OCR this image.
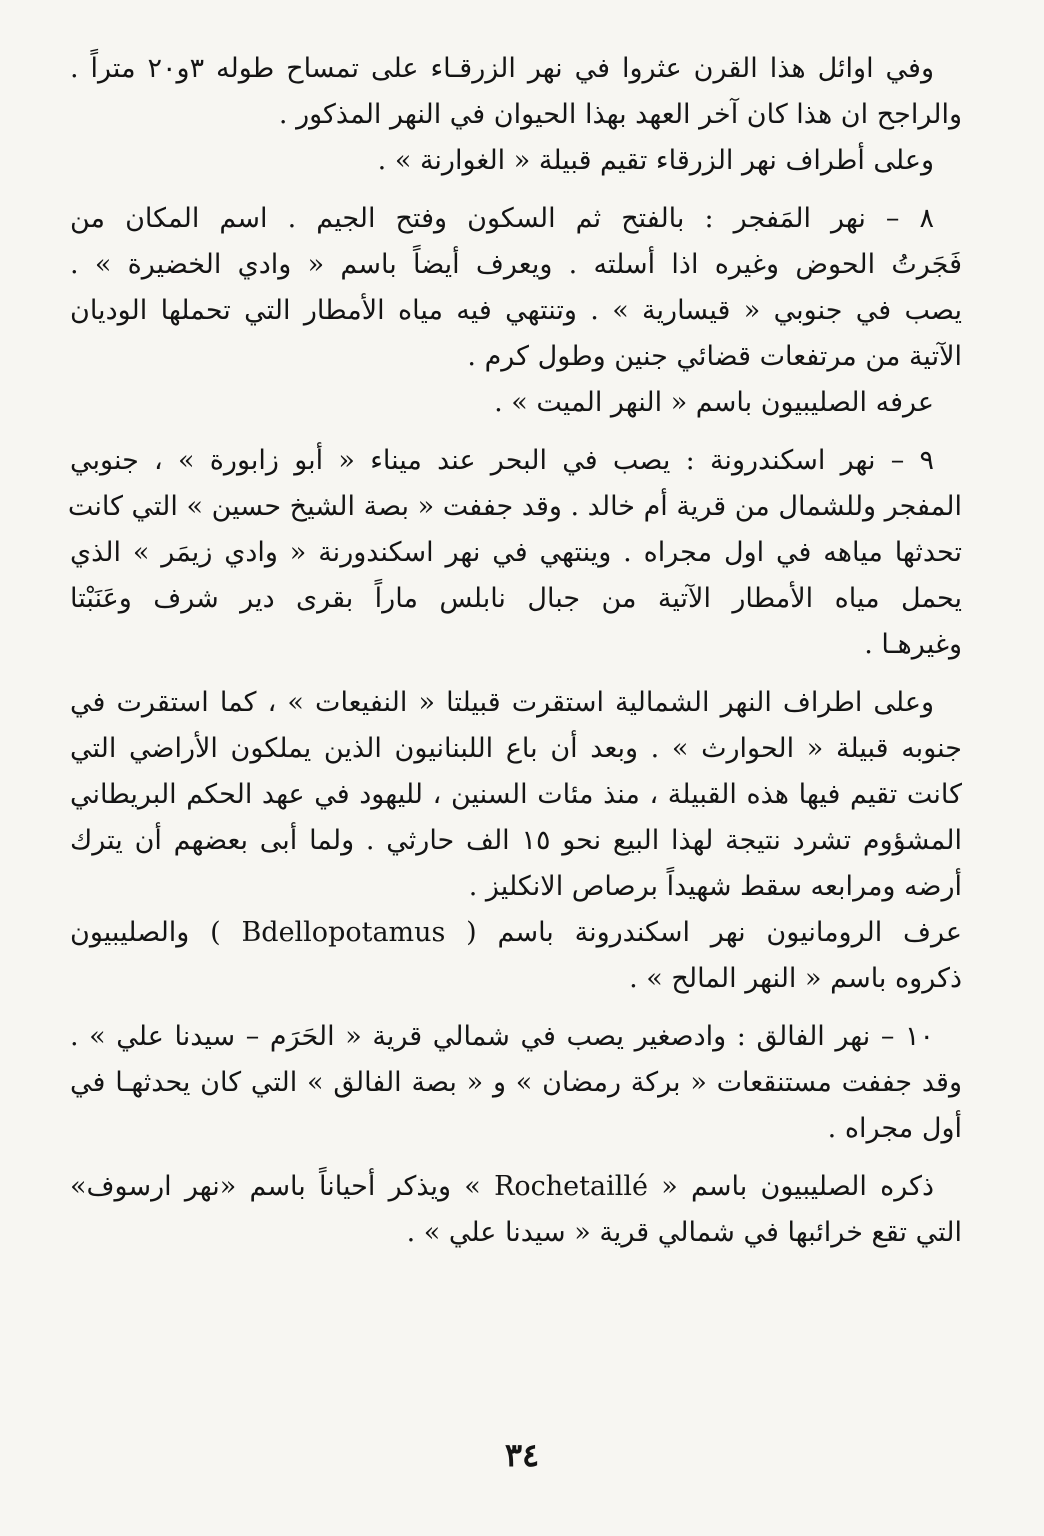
وفي اوائل هذا القرن عثروا في نهر الزرقـاء على تمساح طوله ٣و٢٠ متراً .
والراجح ان هذا كان آخر العهد بهذا الحيوان في النهر المذكور .
وعلى أطراف نهر الزرقاء تقيم قبيلة « الغوارنة » .
٨ – نهر المَفجر : بالفتح ثم السكون وفتح الجيم . اسم المكان من
فَجَرتُ الحوض وغيره اذا أسلته . ويعرف أيضاً باسم « وادي الخضيرة » .
يصب في جنوبي « قيسارية » . وتنتهي فيه مياه الأمطار التي تحملها الوديان
الآتية من مرتفعات قضائي جنين وطول كرم .
عرفه الصليبيون باسم « النهر الميت » .
٩ – نهر اسكندرونة : يصب في البحر عند ميناء « أبو زابورة » ، جنوبي
المفجر وللشمال من قرية أم خالد . وقد جففت « بصة الشيخ حسين » التي كانت
تحدثها مياهه في اول مجراه . وينتهي في نهر اسكندورنة « وادي زيمَر » الذي
يحمل مياه الأمطار الآتية من جبال نابلس ماراً بقرى دير شرف وعَنَبْتا
وغيرهـا .
وعلى اطراف النهر الشمالية استقرت قبيلتا « النفيعات » ، كما استقرت في
جنوبه قبيلة « الحوارث » . وبعد أن باع اللبنانيون الذين يملكون الأراضي التي
كانت تقيم فيها هذه القبيلة ، منذ مئات السنين ، لليهود في عهد الحكم البريطاني
المشؤوم تشرد نتيجة لهذا البيع نحو ١٥ الف حارثي . ولما أبى بعضهم أن يترك
أرضه ومرابعه سقط شهيداً برصاص الانكليز .
عرف الرومانيون نهر اسكندرونة باسم ( Bdellopotamus ) والصليبيون
ذكروه باسم « النهر المالح » .
١٠ – نهر الفالق : وادصغير يصب في شمالي قرية « الحَرَم – سيدنا علي » .
وقد جففت مستنقعات « بركة رمضان » و « بصة الفالق » التي كان يحدثهـا في
أول مجراه .
ذكره الصليبيون باسم « Rochetaillé » ويذكر أحياناً باسم «نهر ارسوف»
التي تقع خرائبها في شمالي قرية « سيدنا علي » .
٣٤
